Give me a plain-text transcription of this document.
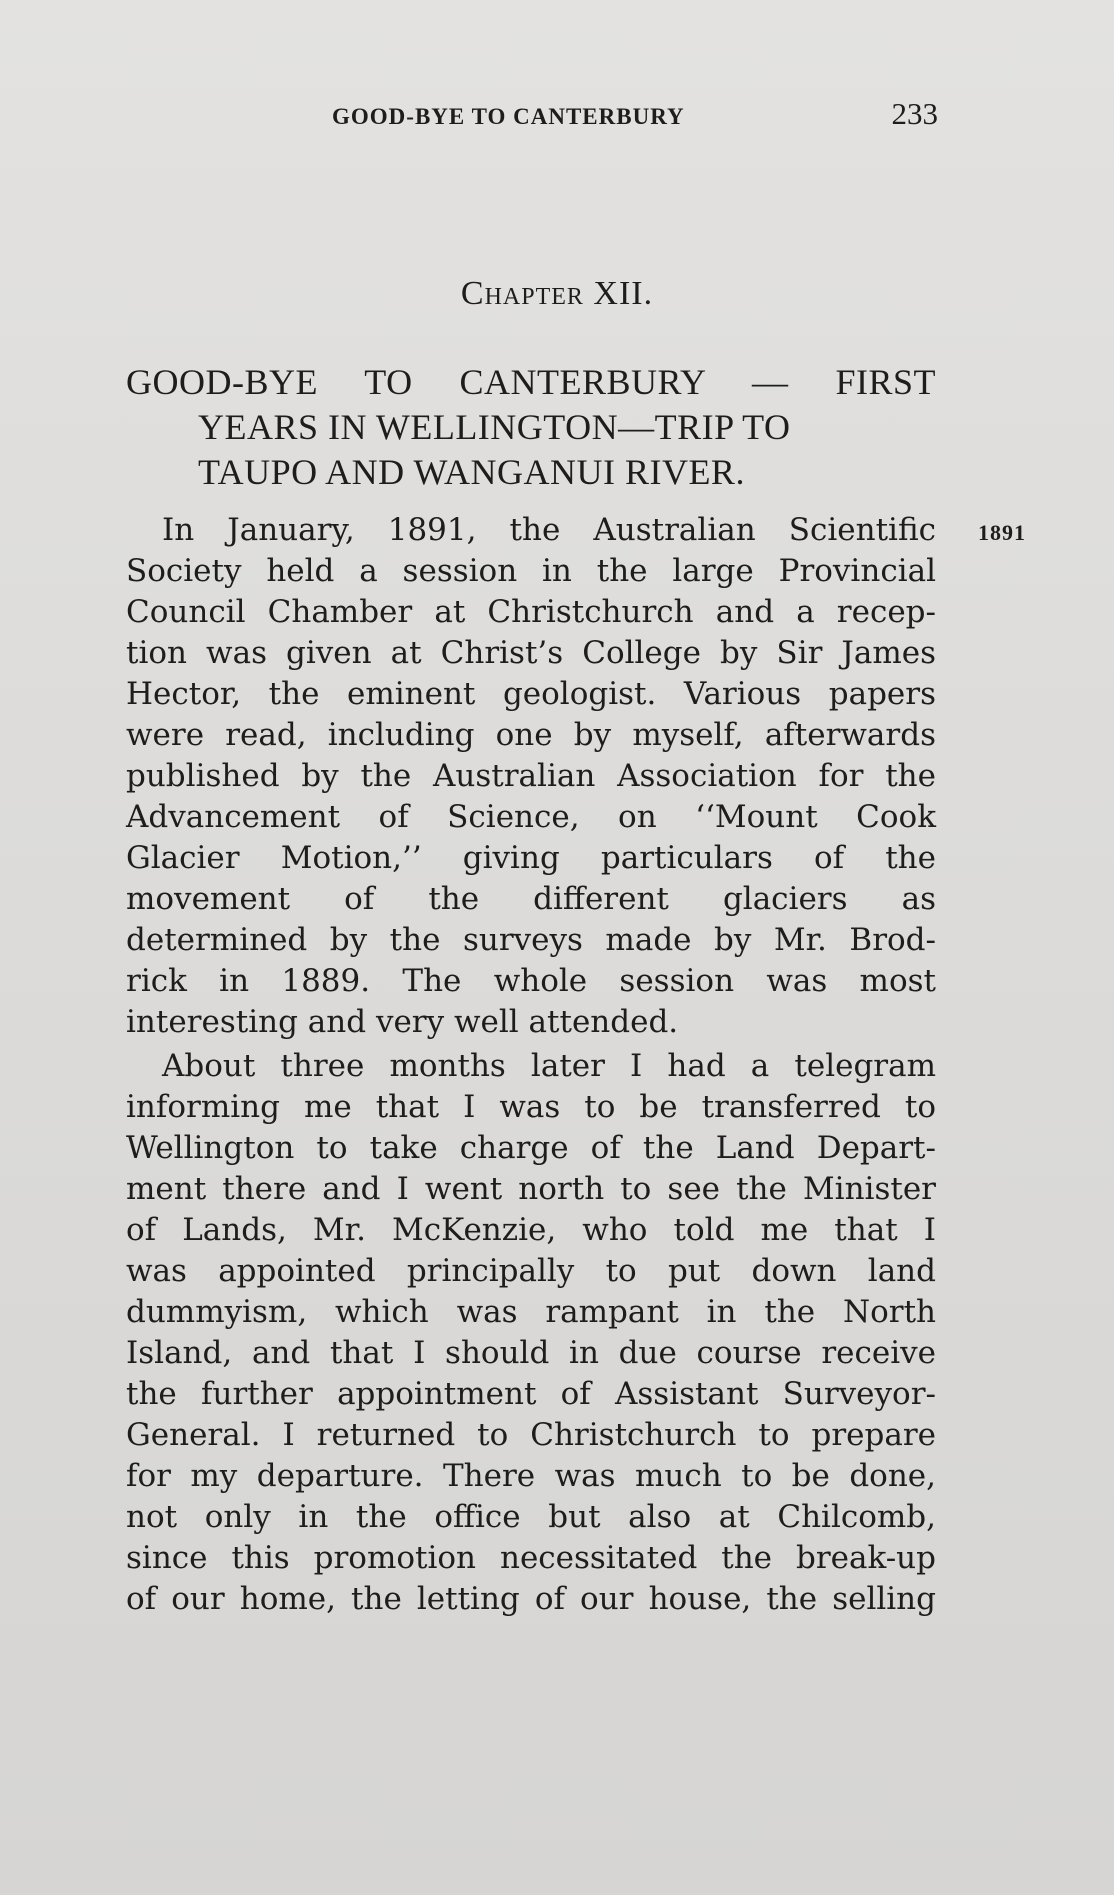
GOOD-BYE TO CANTERBURY	233
Chapter XII.
GOOD-BYE TO CANTERBURY — FIRST
YEARS IN WELLINGTON—TRIP TO
TAUPO AND WANGANUI RIVER.
1891
In January, 1891, the Australian Scientific
Society held a session in the large Provincial
Council Chamber at Christchurch and a recep-
tion was given at Christ’s College by Sir James
Hector, the eminent geologist. Various papers
were read, including one by myself, afterwards
published by the Australian Association for the
Advancement of Science, on ‘‘Mount Cook
Glacier Motion,’’ giving particulars of the
movement of the different glaciers as
determined by the surveys made by Mr. Brod-
rick in 1889. The whole session was most
interesting and very well attended.
About three months later I had a telegram
informing me that I was to be transferred to
Wellington to take charge of the Land Depart-
ment there and I went north to see the Minister
of Lands, Mr. McKenzie, who told me that I
was appointed principally to put down land
dummyism, which was rampant in the North
Island, and that I should in due course receive
the further appointment of Assistant Surveyor-
General. I returned to Christchurch to prepare
for my departure. There was much to be done,
not only in the office but also at Chilcomb,
since this promotion necessitated the break-up
of our home, the letting of our house, the selling
